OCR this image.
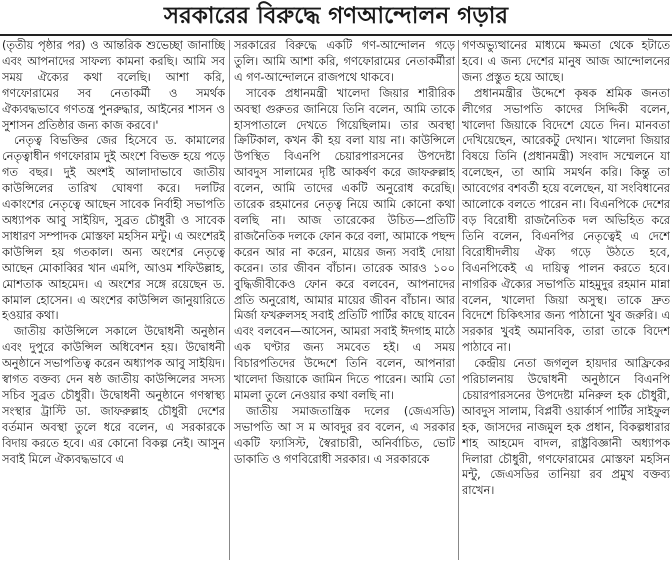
সরকারের বিরুদ্ধে গণআন্দোলন গড়ার

(তৃতীয় পৃষ্ঠার পর) ও আন্তরিক শুভেচ্ছা জানাচ্ছি এবং আপনাদের সাফল্য কামনা করছি। আমি সব সময় ঐক্যের কথা বলেছি। আশা করি, গণফোরামের সব নেতাকর্মী ও সমর্থক ঐক্যবদ্ধভাবে গণতন্ত্র পুনরুদ্ধার, আইনের শাসন ও সুশাসন প্রতিষ্ঠার জন্য কাজ করবে।'

নেতৃত্ব বিভক্তির জের হিসেবে ড. কামালের নেতৃত্বাধীন গণফোরাম দুই অংশে বিভক্ত হয়ে পড়ে গত বছর। দুই অংশই আলাদাভাবে জাতীয় কাউন্সিলের তারিখ ঘোষণা করে। দলটির একাংশের নেতৃত্বে আছেন সাবেক নির্বাহী সভাপতি অধ্যাপক আবু সাইয়িদ, সুব্রত চৌধুরী ও সাবেক সাধারণ সম্পাদক মোস্তফা মহসিন মন্টু। এ অংশেরই কাউন্সিল হয় গতকাল। অন্য অংশের নেতৃত্বে আছেন মোকাব্বির খান এমপি, আওম শফিউল্লাহ, মোশতাক আহমেদ। এ অংশের সঙ্গে রয়েছেন ড. কামাল হোসেন। এ অংশের কাউন্সিল জানুয়ারিতে হওয়ার কথা।

জাতীয় কাউন্সিলে সকালে উদ্বোধনী অনুষ্ঠান এবং দুপুরে কাউন্সিল অধিবেশন হয়। উদ্বোধনী অনুষ্ঠানে সভাপতিত্ব করেন অধ্যাপক আবু সাইয়িদ। স্বাগত বক্তব্য দেন ষষ্ঠ জাতীয় কাউন্সিলের সদস্য সচিব সুব্রত চৌধুরী। উদ্বোধনী অনুষ্ঠানে গণস্বাস্থ্য সংস্থার ট্রাস্টি ডা. জাফরুল্লাহ চৌধুরী দেশের বর্তমান অবস্থা তুলে ধরে বলেন, এ সরকারকে বিদায় করতে হবে। এর কোনো বিকল্প নেই। আসুন সবাই মিলে ঐক্যবদ্ধভাবে এ

সরকারের বিরুদ্ধে একটি গণ-আন্দোলন গড়ে তুলি। আমি আশা করি, গণফোরামের নেতাকর্মীরা এ গণ-আন্দোলনে রাজপথে থাকবে।

সাবেক প্রধানমন্ত্রী খালেদা জিয়ার শারীরিক অবস্থা গুরুতর জানিয়ে তিনি বলেন, আমি তাকে হাসপাতালে দেখতে গিয়েছিলাম। তার অবস্থা ক্রিটিকাল, কখন কী হয় বলা যায় না। কাউন্সিলে উপস্থিত বিএনপি চেয়ারপারসনের উপদেষ্টা আবদুস সালামের দৃষ্টি আকর্ষণ করে জাফরুল্লাহ বলেন, আমি তাদের একটি অনুরোধ করেছি। তারেক রহমানের নেতৃত্ব নিয়ে আমি কোনো কথা বলছি না। আজ তারেকের উচিত—প্রতিটি রাজনৈতিক দলকে ফোন করে বলা, আমাকে পছন্দ করেন আর না করেন, মায়ের জন্য সবাই দোয়া করেন। তার জীবন বাঁচান। তারেক আরও ১০০ বুদ্ধিজীবীকেও ফোন করে বলবেন, আপনাদের প্রতি অনুরোধ, আমার মায়ের জীবন বাঁচান। আর মির্জা ফখরুলসহ সবাই প্রতিটি পার্টির কাছে যাবেন এবং বলবেন—আসেন, আমরা সবাই ঈদগাহ মাঠে এক ঘণ্টার জন্য সমবেত হই। এ সময় বিচারপতিদের উদ্দেশে তিনি বলেন, আপনারা খালেদা জিয়াকে জামিন দিতে পারেন। আমি তো মামলা তুলে নেওয়ার কথা বলছি না।

জাতীয় সমাজতান্ত্রিক দলের (জেএসডি) সভাপতি আ স ম আবদুর রব বলেন, এ সরকার একটি ফ্যাসিস্ট, স্বৈরাচারী, অনির্বাচিত, ভোট ডাকাতি ও গণবিরোধী সরকার। এ সরকারকে

গণঅভ্যুত্থানের মাধ্যমে ক্ষমতা থেকে হটাতে হবে। এ জন্য দেশের মানুষ আজ আন্দোলনের জন্য প্রস্তুত হয়ে আছে।

প্রধানমন্ত্রীর উদ্দেশে কৃষক শ্রমিক জনতা লীগের সভাপতি কাদের সিদ্দিকী বলেন, খালেদা জিয়াকে বিদেশে যেতে দিন। মানবতা দেখিয়েছেন, আরেকটু দেখান। খালেদা জিয়ার বিষয়ে তিনি (প্রধানমন্ত্রী) সংবাদ সম্মেলনে যা বলেছেন, তা আমি সমর্থন করি। কিন্তু তা আবেগের বশবর্তী হয়ে বলেছেন, যা সংবিধানের আলোকে বলতে পারেন না। বিএনপিকে দেশের বড় বিরোধী রাজনৈতিক দল অভিহিত করে তিনি বলেন, বিএনপির নেতৃত্বেই এ দেশে বিরোধীদলীয় ঐক্য গড়ে উঠতে হবে, বিএনপিকেই এ দায়িত্ব পালন করতে হবে। নাগরিক ঐক্যের সভাপতি মাহমুদুর রহমান মান্না বলেন, খালেদা জিয়া অসুস্থ। তাকে দ্রুত বিদেশে চিকিৎসার জন্য পাঠানো খুব জরুরি। এ সরকার খুবই অমানবিক, তারা তাকে বিদেশ পাঠাবে না।

কেন্দ্রীয় নেতা জগলুল হায়দার আফ্রিকের পরিচালনায় উদ্বোধনী অনুষ্ঠানে বিএনপি চেয়ারপারসনের উপদেষ্টা মনিরুল হক চৌধুরী, আবদুস সালাম, বিপ্লবী ওয়ার্কার্স পার্টির সাইফুল হক, জাসদের নাজমুল হক প্রধান, বিকল্পধারার শাহ আহমেদ বাদল, রাষ্ট্রবিজ্ঞানী অধ্যাপক দিলারা চৌধুরী, গণফোরামের মোস্তফা মহসিন মন্টু, জেএসডির তানিয়া রব প্রমুখ বক্তব্য রাখেন।
